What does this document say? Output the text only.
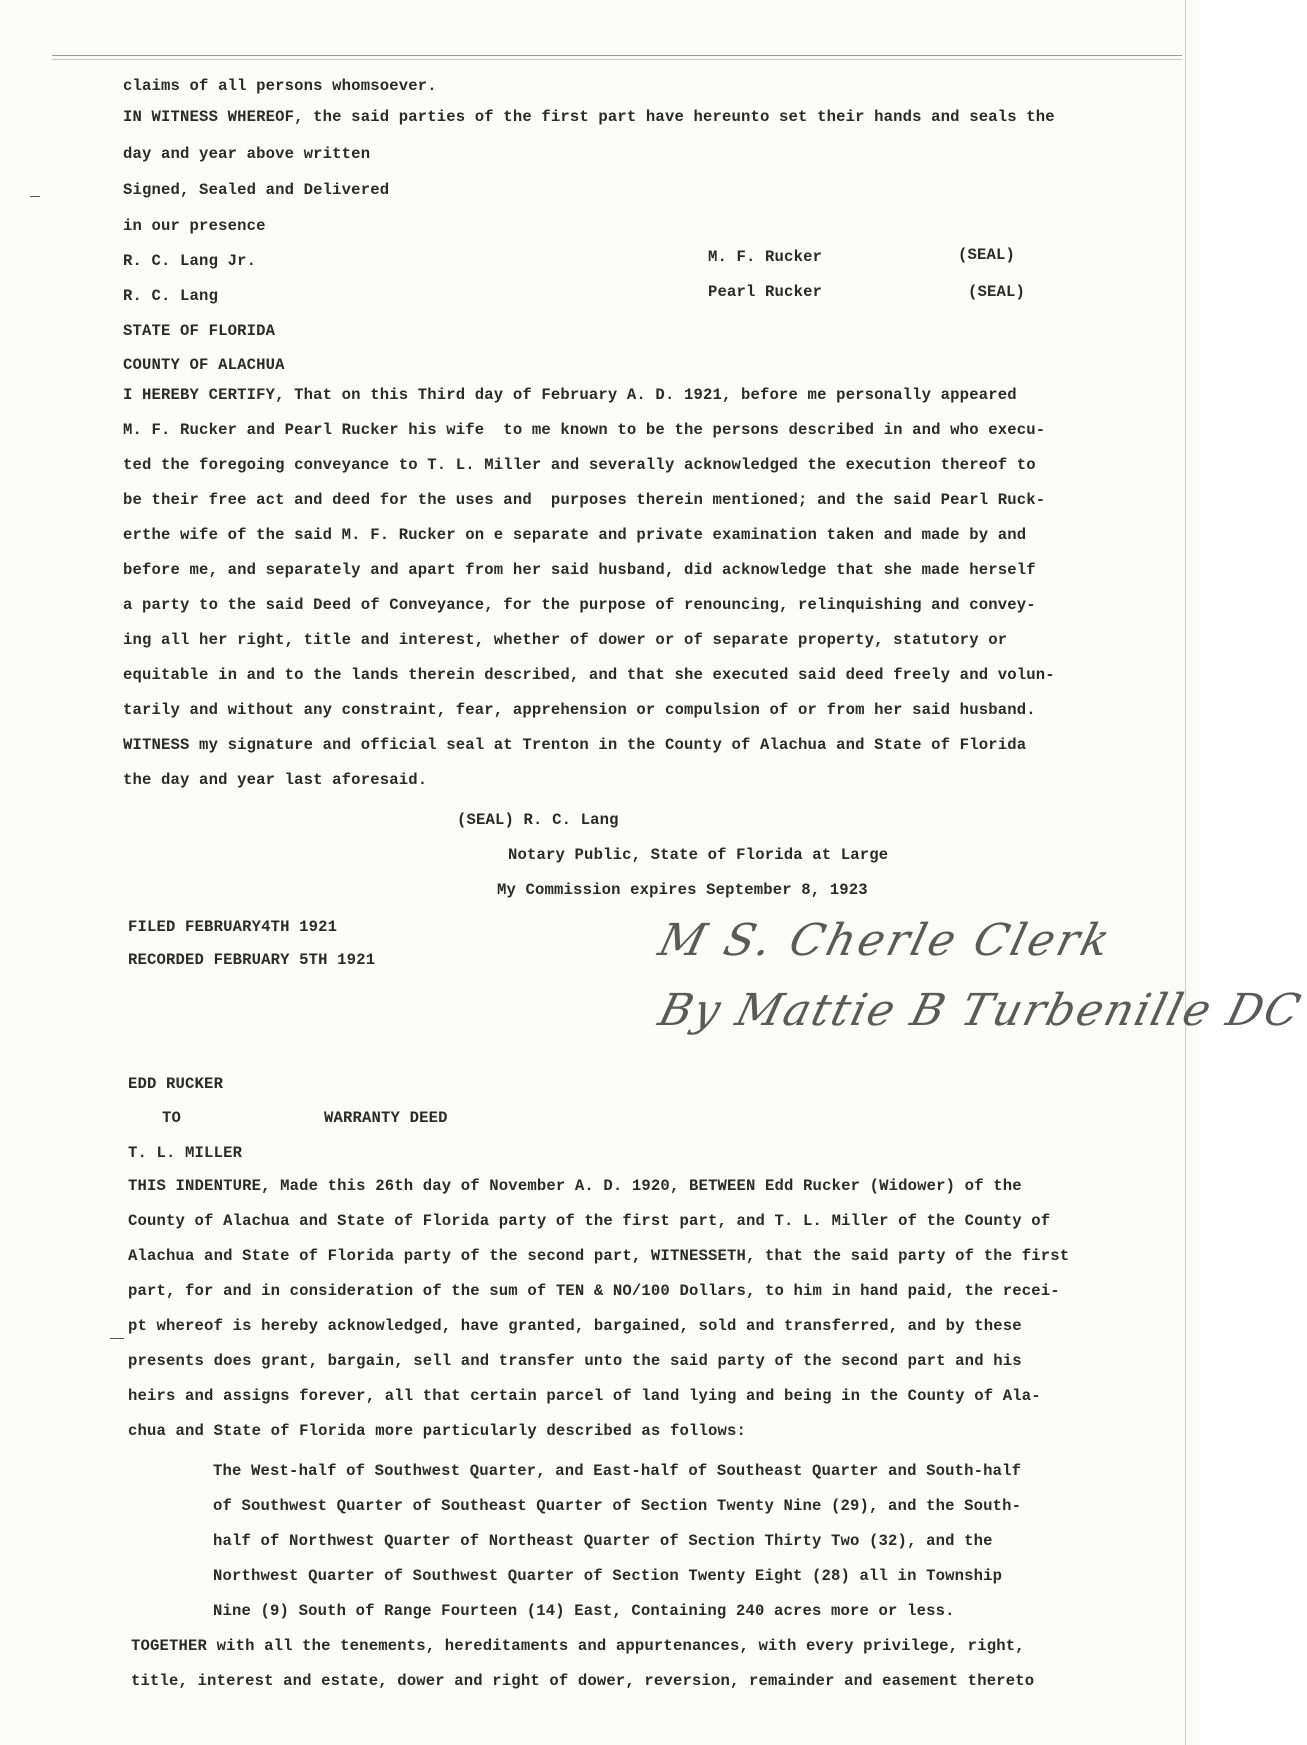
claims of all persons whomsoever.
IN WITNESS WHEREOF, the said parties of the first part have hereunto set their hands and seals the
day and year above written
Signed, Sealed and Delivered
in our presence
R. C. Lang Jr.
R. C. Lang
M. F. Rucker	(SEAL)
Pearl Rucker	(SEAL)
STATE OF FLORIDA
COUNTY OF ALACHUA
I HEREBY CERTIFY, That on this Third day of February A. D. 1921, before me personally appeared
M. F. Rucker and Pearl Rucker his wife  to me known to be the persons described in and who execu-
ted the foregoing conveyance to T. L. Miller and severally acknowledged the execution thereof to
be their free act and deed for the uses and  purposes therein mentioned; and the said Pearl Ruck-
erthe wife of the said M. F. Rucker on e separate and private examination taken and made by and
before me, and separately and apart from her said husband, did acknowledge that she made herself
a party to the said Deed of Conveyance, for the purpose of renouncing, relinquishing and convey-
ing all her right, title and interest, whether of dower or of separate property, statutory or
equitable in and to the lands therein described, and that she executed said deed freely and volun-
tarily and without any constraint, fear, apprehension or compulsion of or from her said husband.
WITNESS my signature and official seal at Trenton in the County of Alachua and State of Florida
the day and year last aforesaid.
(SEAL) R. C. Lang
Notary Public, State of Florida at Large
My Commission expires September 8, 1923
FILED FEBRUARY4TH 1921
RECORDED FEBRUARY 5TH 1921	M S. Cherle Clerk
By Mattie B Turbenille DC
EDD RUCKER
TO	WARRANTY DEED
T. L. MILLER
THIS INDENTURE, Made this 26th day of November A. D. 1920, BETWEEN Edd Rucker (Widower) of the
County of Alachua and State of Florida party of the first part, and T. L. Miller of the County of
Alachua and State of Florida party of the second part, WITNESSETH, that the said party of the first
part, for and in consideration of the sum of TEN & NO/100 Dollars, to him in hand paid, the recei-
pt whereof is hereby acknowledged, have granted, bargained, sold and transferred, and by these
presents does grant, bargain, sell and transfer unto the said party of the second part and his
heirs and assigns forever, all that certain parcel of land lying and being in the County of Ala-
chua and State of Florida more particularly described as follows:
The West-half of Southwest Quarter, and East-half of Southeast Quarter and South-half
of Southwest Quarter of Southeast Quarter of Section Twenty Nine (29), and the South-
half of Northwest Quarter of Northeast Quarter of Section Thirty Two (32), and the
Northwest Quarter of Southwest Quarter of Section Twenty Eight (28) all in Township
Nine (9) South of Range Fourteen (14) East, Containing 240 acres more or less.
TOGETHER with all the tenements, hereditaments and appurtenances, with every privilege, right,
title, interest and estate, dower and right of dower, reversion, remainder and easement thereto
